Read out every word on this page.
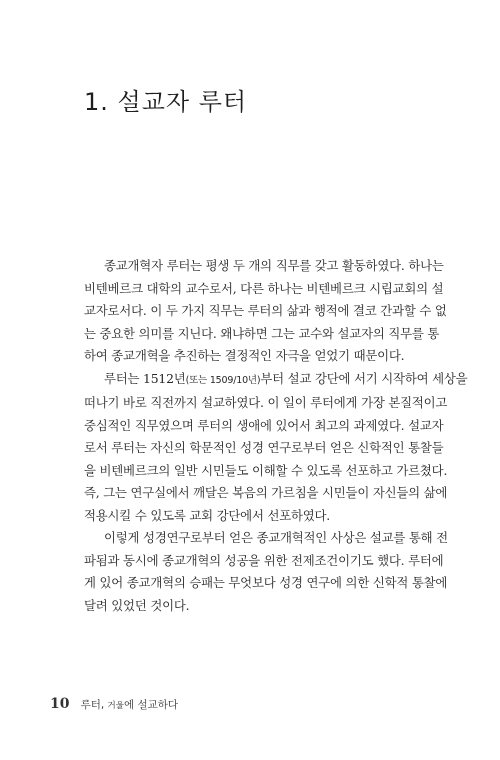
1. 설교자 루터
종교개혁자 루터는 평생 두 개의 직무를 갖고 활동하였다. 하나는
비텐베르크 대학의 교수로서, 다른 하나는 비텐베르크 시립교회의 설
교자로서다. 이 두 가지 직무는 루터의 삶과 행적에 결코 간과할 수 없
는 중요한 의미를 지닌다. 왜냐하면 그는 교수와 설교자의 직무를 통
하여 종교개혁을 추진하는 결정적인 자극을 얻었기 때문이다.
루터는 1512년(또는 1509/10년)부터 설교 강단에 서기 시작하여 세상을
떠나기 바로 직전까지 설교하였다. 이 일이 루터에게 가장 본질적이고
중심적인 직무였으며 루터의 생애에 있어서 최고의 과제였다. 설교자
로서 루터는 자신의 학문적인 성경 연구로부터 얻은 신학적인 통찰들
을 비텐베르크의 일반 시민들도 이해할 수 있도록 선포하고 가르쳤다.
즉, 그는 연구실에서 깨달은 복음의 가르침을 시민들이 자신들의 삶에
적용시킬 수 있도록 교회 강단에서 선포하였다.
이렇게 성경연구로부터 얻은 종교개혁적인 사상은 설교를 통해 전
파됨과 동시에 종교개혁의 성공을 위한 전제조건이기도 했다. 루터에
게 있어 종교개혁의 승패는 무엇보다 성경 연구에 의한 신학적 통찰에
달려 있었던 것이다.
10 루터, 거울에 설교하다
